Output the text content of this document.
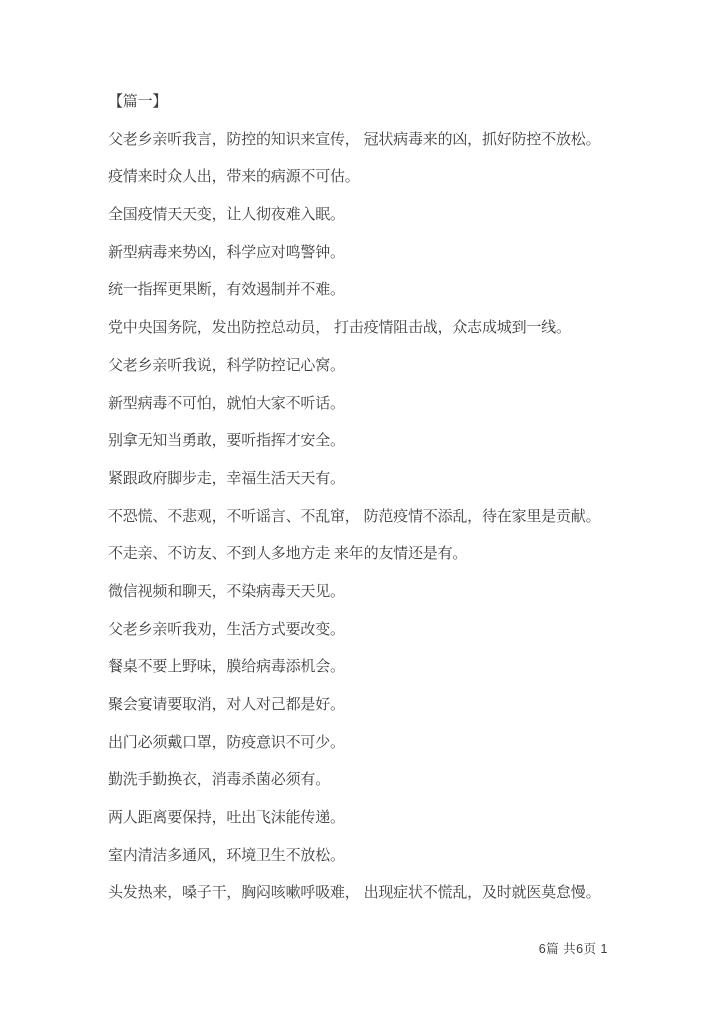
【篇一】

父老乡亲听我言，防控的知识来宣传， 冠状病毒来的凶，抓好防控不放松。

疫情来时众人出，带来的病源不可估。

全国疫情天天变，让人彻夜难入眠。

新型病毒来势凶，科学应对鸣警钟。

统一指挥更果断，有效遏制并不难。

党中央国务院，发出防控总动员， 打击疫情阻击战，众志成城到一线。

父老乡亲听我说，科学防控记心窝。

新型病毒不可怕，就怕大家不听话。

别拿无知当勇敢，要听指挥才安全。

紧跟政府脚步走，幸福生活天天有。

不恐慌、不悲观，不听谣言、不乱窜， 防范疫情不添乱，待在家里是贡献。

不走亲、不访友、不到人多地方走 来年的友情还是有。

微信视频和聊天，不染病毒天天见。

父老乡亲听我劝，生活方式要改变。

餐桌不要上野味，膜给病毒添机会。

聚会宴请要取消，对人对己都是好。

出门必须戴口罩，防疫意识不可少。

勤洗手勤换衣，消毒杀菌必须有。

两人距离要保持，吐出飞沫能传递。

室内清洁多通风，环境卫生不放松。

头发热来，嗓子干，胸闷咳嗽呼吸难， 出现症状不慌乱，及时就医莫怠慢。

6篇 共6页 1
